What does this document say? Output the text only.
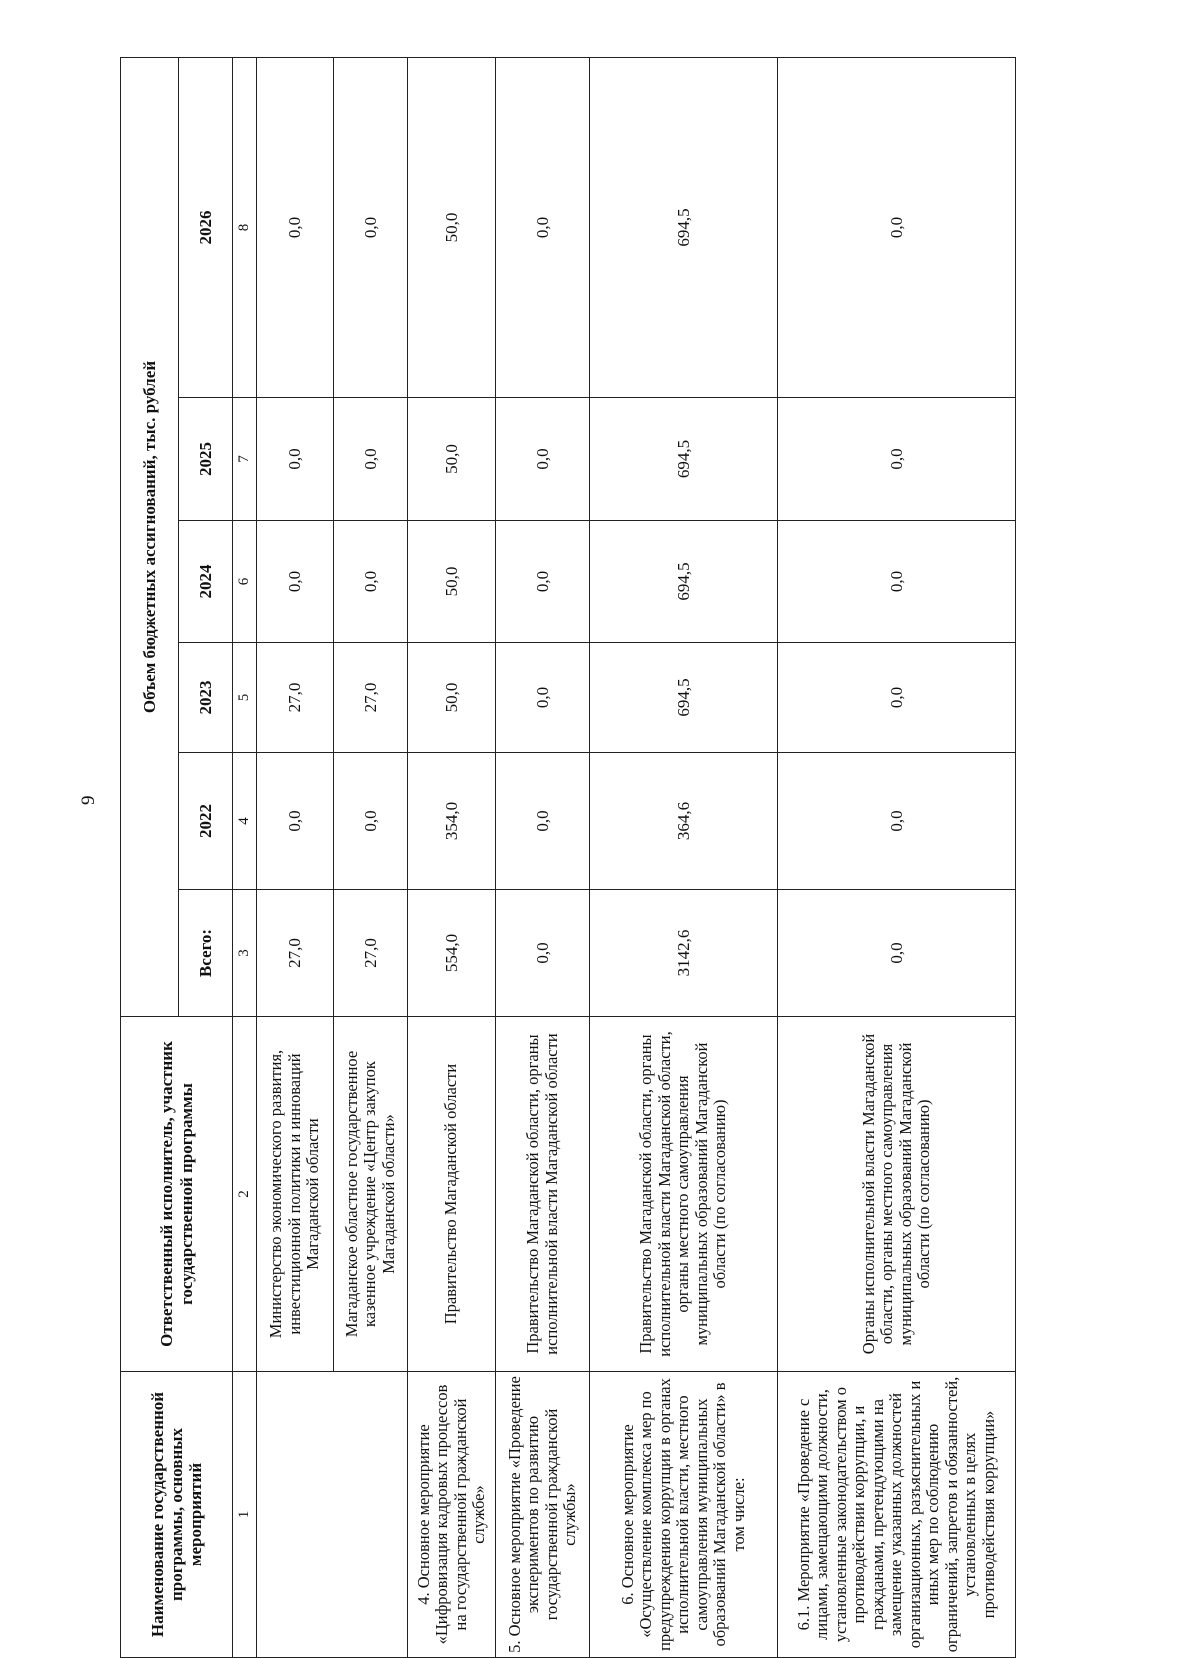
9
Наименование государственной программы, основных мероприятий	Ответственный исполнитель, участник государственной программы	Объем бюджетных ассигнований, тыс. рублей					
		Всего:	2022	2023	2024	2025	2026
1	2	3	4	5	6	7	8
	Министерство экономического развития, инвестиционной политики и инноваций Магаданской области	27,0	0,0	27,0	0,0	0,0	0,0
	Магаданское областное государственное казенное учреждение «Центр закупок Магаданской области»	27,0	0,0	27,0	0,0	0,0	0,0
4. Основное мероприятие «Цифровизация кадровых процессов на государственной гражданской службе»	Правительство Магаданской области	554,0	354,0	50,0	50,0	50,0	50,0
5. Основное мероприятие «Проведение экспериментов по развитию государственной гражданской службы»	Правительство Магаданской области, органы исполнительной власти Магаданской области	0,0	0,0	0,0	0,0	0,0	0,0
6. Основное мероприятие «Осуществление комплекса мер по предупреждению коррупции в органах исполнительной власти, местного самоуправления муниципальных образований Магаданской области» в том числе:	Правительство Магаданской области, органы исполнительной власти Магаданской области, органы местного самоуправления муниципальных образований Магаданской области (по согласованию)	3142,6	364,6	694,5	694,5	694,5	694,5
6.1. Мероприятие «Проведение с лицами, замещающими должности, установленные законодательством о противодействии коррупции, и гражданами, претендующими на замещение указанных должностей организационных, разъяснительных и иных мер по соблюдению ограничений, запретов и обязанностей, установленных в целях противодействия коррупции»	Органы исполнительной власти Магаданской области, органы местного самоуправления муниципальных образований Магаданской области (по согласованию)	0,0	0,0	0,0	0,0	0,0	0,0
